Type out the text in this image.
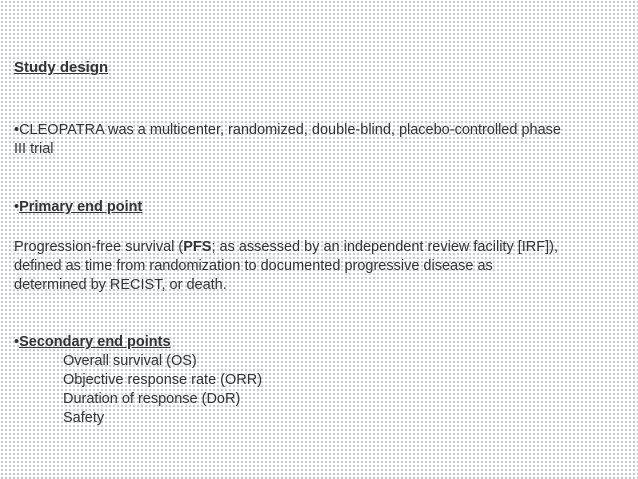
Study design
•CLEOPATRA was a multicenter, randomized, double-blind, placebo-controlled phase
III trial
•Primary end point
Progression-free survival (PFS; as assessed by an independent review facility [IRF]),
defined as time from randomization to documented progressive disease as
determined by RECIST, or death.
•Secondary end points
Overall survival (OS)
Objective response rate (ORR)
Duration of response (DoR)
Safety
